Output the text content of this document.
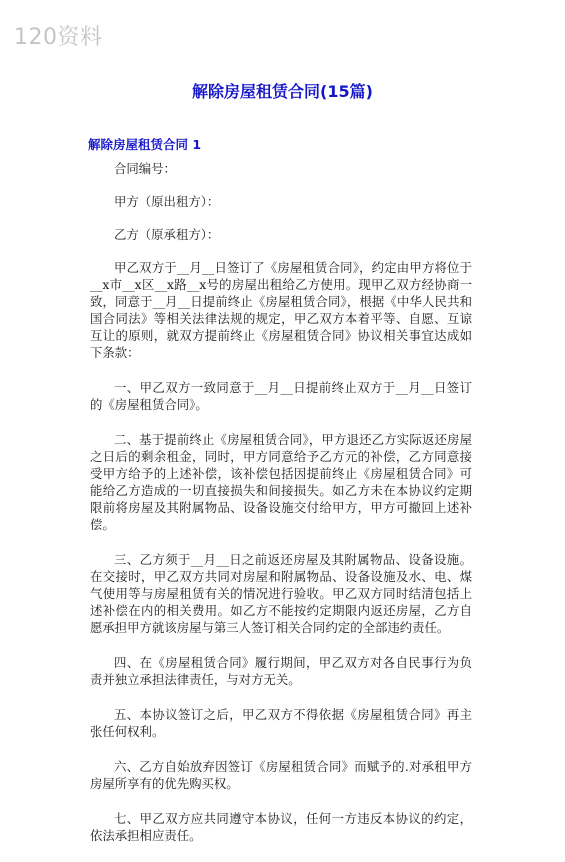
120资料
解除房屋租赁合同(15篇)
解除房屋租赁合同 1

合同编号：

甲方（原出租方）：

乙方（原承租方）：

甲乙双方于__月__日签订了《房屋租赁合同》，约定由甲方将位于__x市__x区__x路__x号的房屋出租给乙方使用。现甲乙双方经协商一致，同意于__月__日提前终止《房屋租赁合同》，根据《中华人民共和国合同法》等相关法律法规的规定，甲乙双方本着平等、自愿、互谅互让的原则，就双方提前终止《房屋租赁合同》协议相关事宜达成如下条款：

一、甲乙双方一致同意于__月__日提前终止双方于__月__日签订的《房屋租赁合同》。

二、基于提前终止《房屋租赁合同》，甲方退还乙方实际返还房屋之日后的剩余租金，同时，甲方同意给予乙方元的补偿，乙方同意接受甲方给予的上述补偿，该补偿包括因提前终止《房屋租赁合同》可能给乙方造成的一切直接损失和间接损失。如乙方未在本协议约定期限前将房屋及其附属物品、设备设施交付给甲方，甲方可撤回上述补偿。

三、乙方须于__月__日之前返还房屋及其附属物品、设备设施。在交接时，甲乙双方共同对房屋和附属物品、设备设施及水、电、煤气使用等与房屋租赁有关的情况进行验收。甲乙双方同时结清包括上述补偿在内的相关费用。如乙方不能按约定期限内返还房屋，乙方自愿承担甲方就该房屋与第三人签订相关合同约定的全部违约责任。

四、在《房屋租赁合同》履行期间，甲乙双方对各自民事行为负责并独立承担法律责任，与对方无关。

五、本协议签订之后，甲乙双方不得依据《房屋租赁合同》再主张任何权利。

六、乙方自始放弃因签订《房屋租赁合同》而赋予的.对承租甲方房屋所享有的优先购买权。

七、甲乙双方应共同遵守本协议，任何一方违反本协议的约定，依法承担相应责任。
